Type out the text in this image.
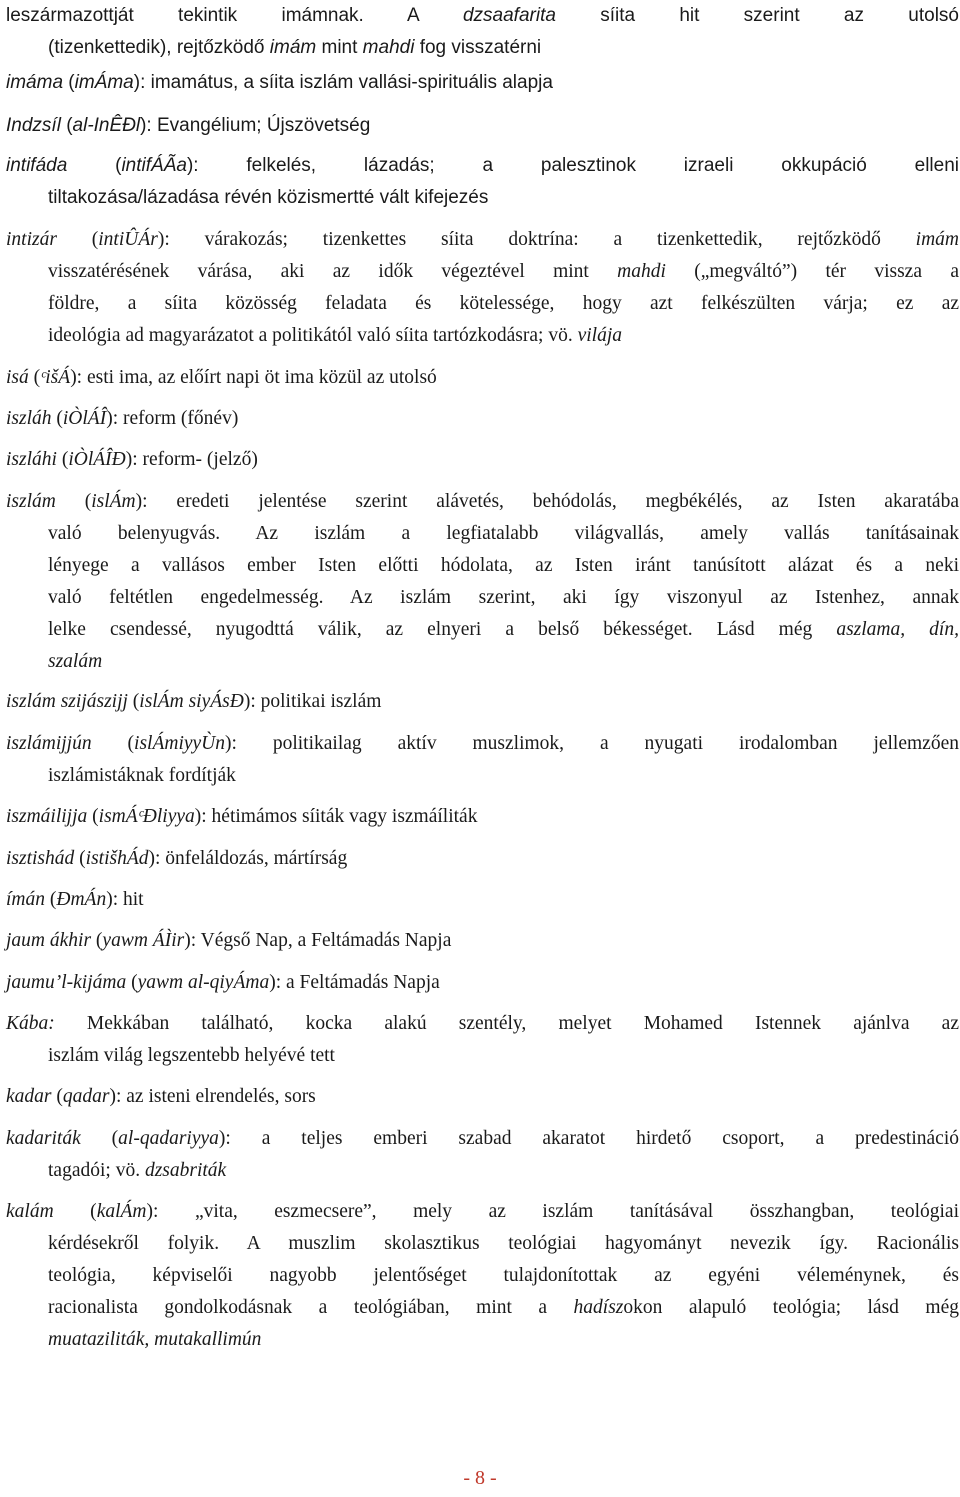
leszármazottját tekintik imámnak. A dzsaafarita síita hit szerint az utolsó
(tizenkettedik), rejtőzködő imám mint mahdi fog visszatérni
imáma (imÁma): imamátus, a síita iszlám vallási-spirituális alapja
Indzsíl (al-InÊÐl): Evangélium; Újszövetség
intifáda (intifÁÃa): felkelés, lázadás; a palesztinok izraeli okkupáció elleni
tiltakozása/lázadása révén közismertté vált kifejezés
intizár (intiÛÁr): várakozás; tizenkettes síita doktrína: a tizenkettedik, rejtőzködő imám
visszatérésének várása, aki az idők végeztével mint mahdi („megváltó”) tér vissza a
földre, a síita közösség feladata és kötelessége, hogy azt felkészülten várja; ez az
ideológia ad magyarázatot a politikától való síita tartózkodásra; vö. vilája
isá (ᶜišÁ): esti ima, az előírt napi öt ima közül az utolsó
iszláh (iÒlÁÎ): reform (főnév)
iszláhi (iÒlÁÎÐ): reform- (jelző)
iszlám (islÁm): eredeti jelentése szerint alávetés, behódolás, megbékélés, az Isten akaratába
való belenyugvás. Az iszlám a legfiatalabb világvallás, amely vallás tanításainak
lényege a vallásos ember Isten előtti hódolata, az Isten iránt tanúsított alázat és a neki
való feltétlen engedelmesség. Az iszlám szerint, aki így viszonyul az Istenhez, annak
lelke csendessé, nyugodttá válik, az elnyeri a belső békességet. Lásd még aszlama, dín,
szalám
iszlám szijászijj (islÁm siyÁsÐ): politikai iszlám
iszlámijjún (islÁmiyyÙn): politikailag aktív muszlimok, a nyugati irodalomban jellemzően
iszlámistáknak fordítják
iszmáilijja (ismÁᶜÐliyya): hétimámos síiták vagy iszmáíliták
isztishád (istišhÁd): önfeláldozás, mártírság
ímán (ÐmÁn): hit
jaum ákhir (yawm ÁÌir): Végső Nap, a Feltámadás Napja
jaumu’l-kijáma (yawm al-qiyÁma): a Feltámadás Napja
Kába: Mekkában található, kocka alakú szentély, melyet Mohamed Istennek ajánlva az
iszlám világ legszentebb helyévé tett
kadar (qadar): az isteni elrendelés, sors
kadariták (al-qadariyya): a teljes emberi szabad akaratot hirdető csoport, a predestináció
tagadói; vö. dzsabriták
kalám (kalÁm): „vita, eszmecsere”, mely az iszlám tanításával összhangban, teológiai
kérdésekről folyik. A muszlim skolasztikus teológiai hagyományt nevezik így. Racionális
teológia, képviselői nagyobb jelentőséget tulajdonítottak az egyéni véleménynek, és
racionalista gondolkodásnak a teológiában, mint a hadíszokon alapuló teológia; lásd még
muataziliták, mutakallimún
- 8 -
